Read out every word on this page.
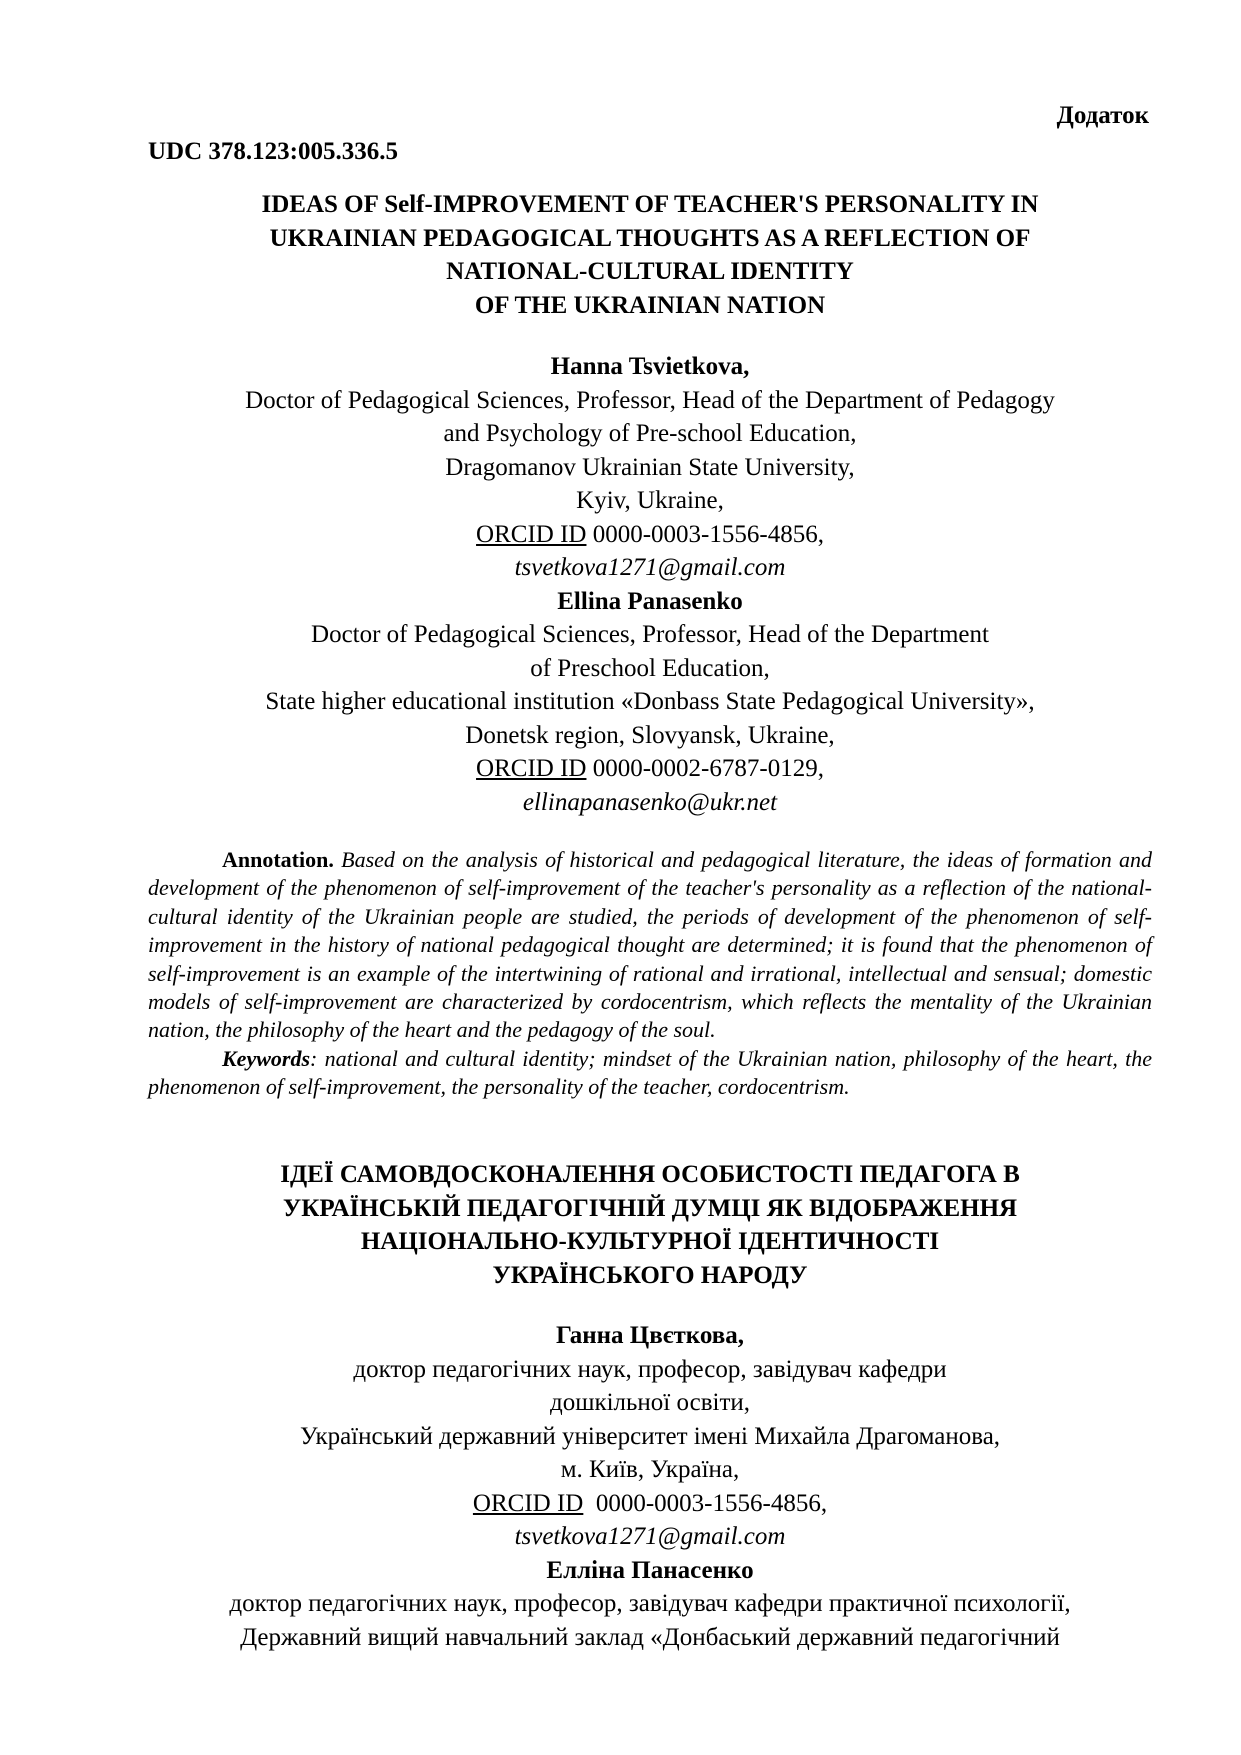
Додаток
UDC 378.123:005.336.5
IDEAS OF Self-IMPROVEMENT OF TEACHER'S PERSONALITY IN
UKRAINIAN PEDAGOGICAL THOUGHTS AS A REFLECTION OF
NATIONAL-CULTURAL IDENTITY
OF THE UKRAINIAN NATION
Hanna Tsvietkova,
Doctor of Pedagogical Sciences, Professor, Head of the Department of Pedagogy
and Psychology of Pre-school Education,
Dragomanov Ukrainian State University,
Kyiv, Ukraine,
ORCID ID 0000-0003-1556-4856,
tsvetkova1271@gmail.com
Ellina Panasenko
Doctor of Pedagogical Sciences, Professor, Head of the Department
of Preschool Education,
State higher educational institution «Donbass State Pedagogical University»,
Donetsk region, Slovyansk, Ukraine,
ORCID ID 0000-0002-6787-0129,
ellinapanasenko@ukr.net

Annotation. Based on the analysis of historical and pedagogical literature, the ideas of formation and development of the phenomenon of self-improvement of the teacher's personality as a reflection of the national-cultural identity of the Ukrainian people are studied, the periods of development of the phenomenon of self-improvement in the history of national pedagogical thought are determined; it is found that the phenomenon of self-improvement is an example of the intertwining of rational and irrational, intellectual and sensual; domestic models of self-improvement are characterized by cordocentrism, which reflects the mentality of the Ukrainian nation, the philosophy of the heart and the pedagogy of the soul.

Keywords: national and cultural identity; mindset of the Ukrainian nation, philosophy of the heart, the phenomenon of self-improvement, the personality of the teacher, cordocentrism.

ІДЕЇ САМОВДОСКОНАЛЕННЯ ОСОБИСТОСТІ ПЕДАГОГА В
УКРАЇНСЬКІЙ ПЕДАГОГІЧНІЙ ДУМЦІ ЯК ВІДОБРАЖЕННЯ
НАЦІОНАЛЬНО-КУЛЬТУРНОЇ ІДЕНТИЧНОСТІ
УКРАЇНСЬКОГО НАРОДУ
Ганна Цвєткова,
доктор педагогічних наук, професор, завідувач кафедри
дошкільної освіти,
Український державний університет імені Михайла Драгоманова,
м. Київ, Україна,
ORCID ID  0000-0003-1556-4856,
tsvetkova1271@gmail.com
Елліна Панасенко
доктор педагогічних наук, професор, завідувач кафедри практичної психології,
Державний вищий навчальний заклад «Донбаський державний педагогічний
